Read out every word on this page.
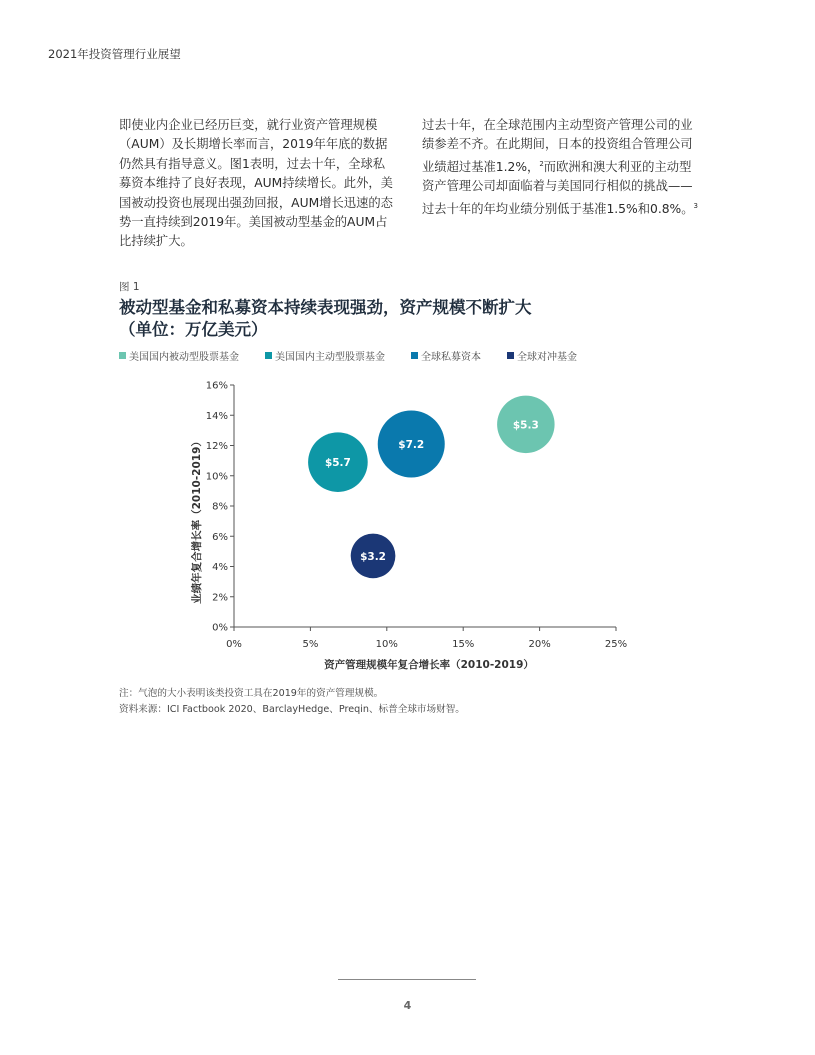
2021年投资管理行业展望
即使业内企业已经历巨变，就行业资产管理规模（AUM）及长期增长率而言，2019年年底的数据仍然具有指导意义。图1表明，过去十年，全球私募资本维持了良好表现，AUM持续增长。此外，美国被动投资也展现出强劲回报，AUM增长迅速的态势一直持续到2019年。美国被动型基金的AUM占比持续扩大。
过去十年，在全球范围内主动型资产管理公司的业绩参差不齐。在此期间，日本的投资组合管理公司业绩超过基准1.2%，$^2$而欧洲和澳大利亚的主动型资产管理公司却面临着与美国同行相似的挑战——过去十年的年均业绩分别低于基准1.5%和0.8%。$^3$
图 1
被动型基金和私募资本持续表现强劲，资产规模不断扩大
（单位：万亿美元）
美国国内被动型股票基金	美国国内主动型股票基金	全球私募资本	全球对冲基金
0%
2%
4%
6%
8%
10%
12%
14%
16%
0%	5%	10%	15%	20%	25%
资产管理规模年复合增长率（2010-2019）
业绩年复合增长率（2010-2019）
$5.3
$5.7
$7.2
$3.2
注：气泡的大小表明该类投资工具在2019年的资产管理规模。
资料来源：ICI Factbook 2020、BarclayHedge、Preqin、标普全球市场财智。
4
